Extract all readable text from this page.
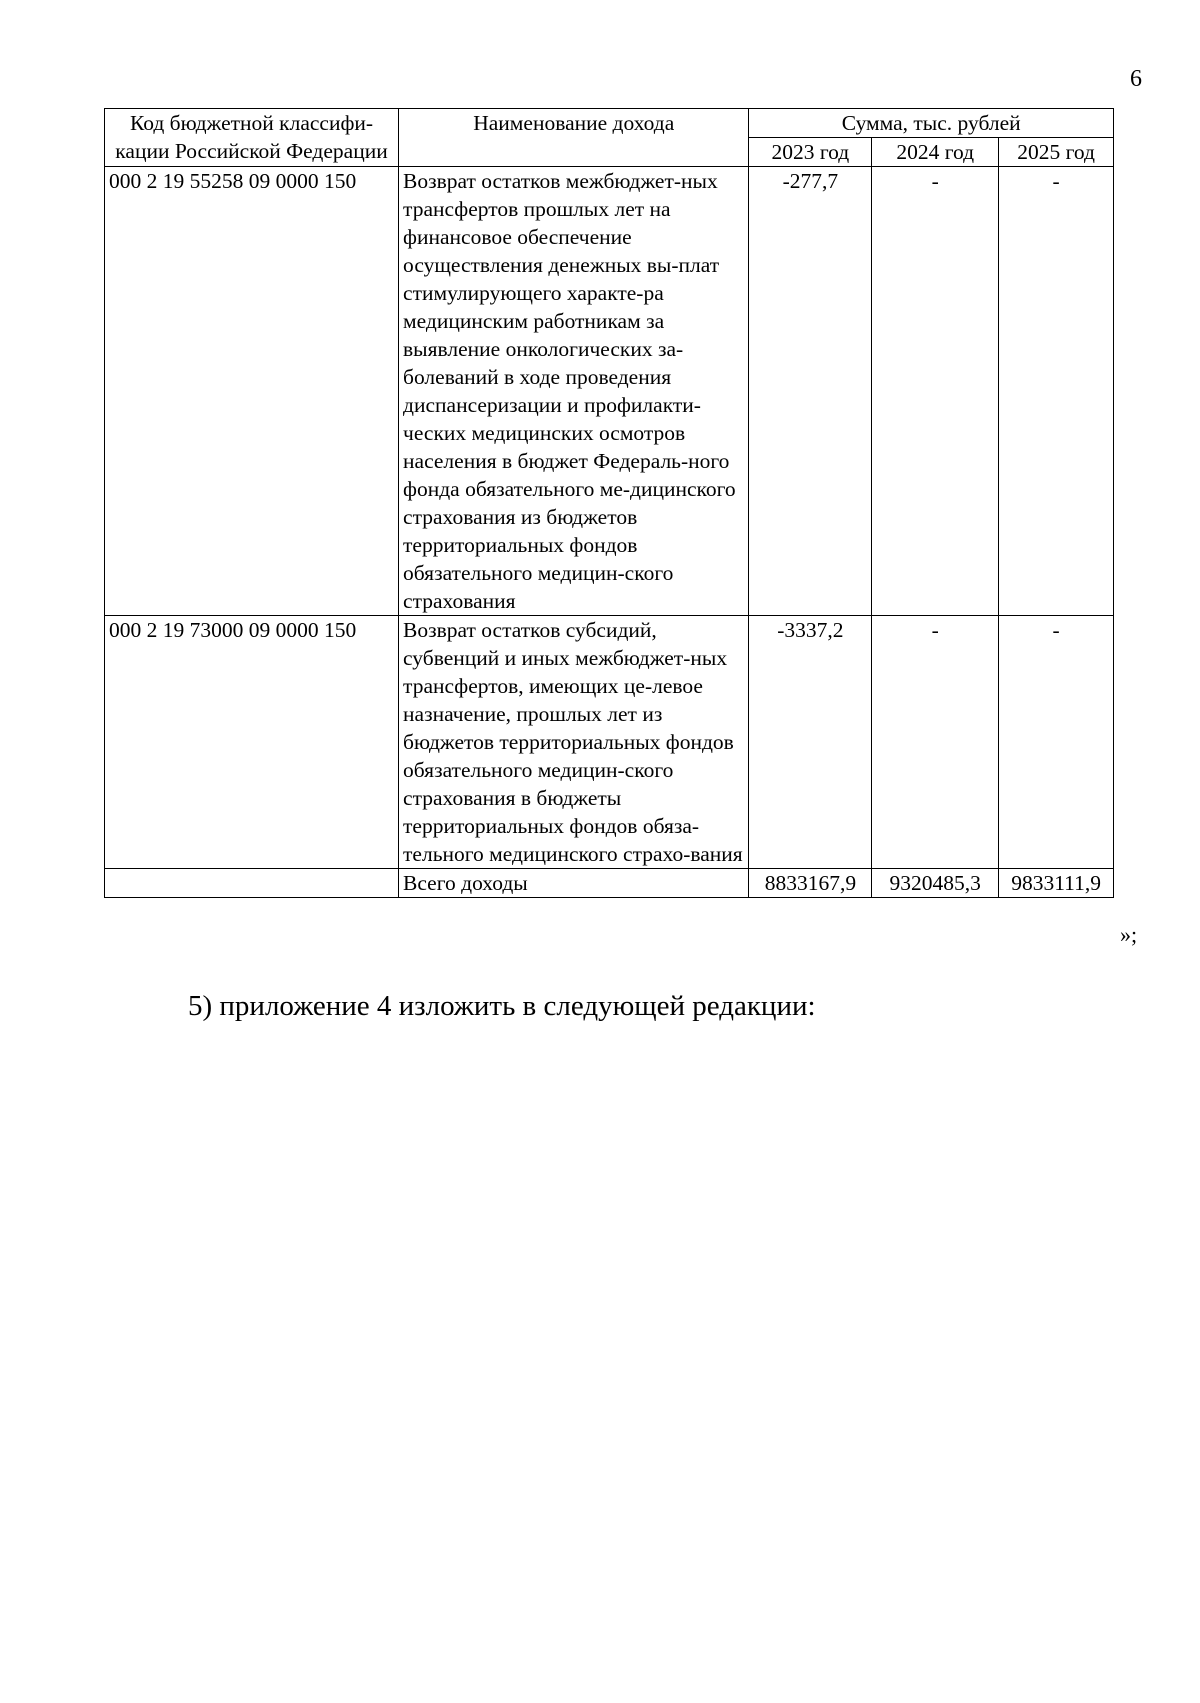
6
Код бюджетной классифи-кации Российской Федерации	Наименование дохода	Сумма, тыс. рублей		
		2023 год	2024 год	2025 год
000 2 19 55258 09 0000 150	Возврат остатков межбюджет-ных трансфертов прошлых лет на финансовое обеспечение осуществления денежных вы-плат стимулирующего характе-ра медицинским работникам за выявление онкологических за-болеваний в ходе проведения диспансеризации и профилакти-ческих медицинских осмотров населения в бюджет Федераль-ного фонда обязательного ме-дицинского страхования из бюджетов территориальных фондов обязательного медицин-ского страхования	-277,7	-	-
000 2 19 73000 09 0000 150	Возврат остатков субсидий, субвенций и иных межбюджет-ных трансфертов, имеющих це-левое назначение, прошлых лет из бюджетов территориальных фондов обязательного медицин-ского страхования в бюджеты территориальных фондов обяза-тельного медицинского страхо-вания	-3337,2	-	-
	Всего доходы	8833167,9	9320485,3	9833111,9
»;
5) приложение 4 изложить в следующей редакции:
